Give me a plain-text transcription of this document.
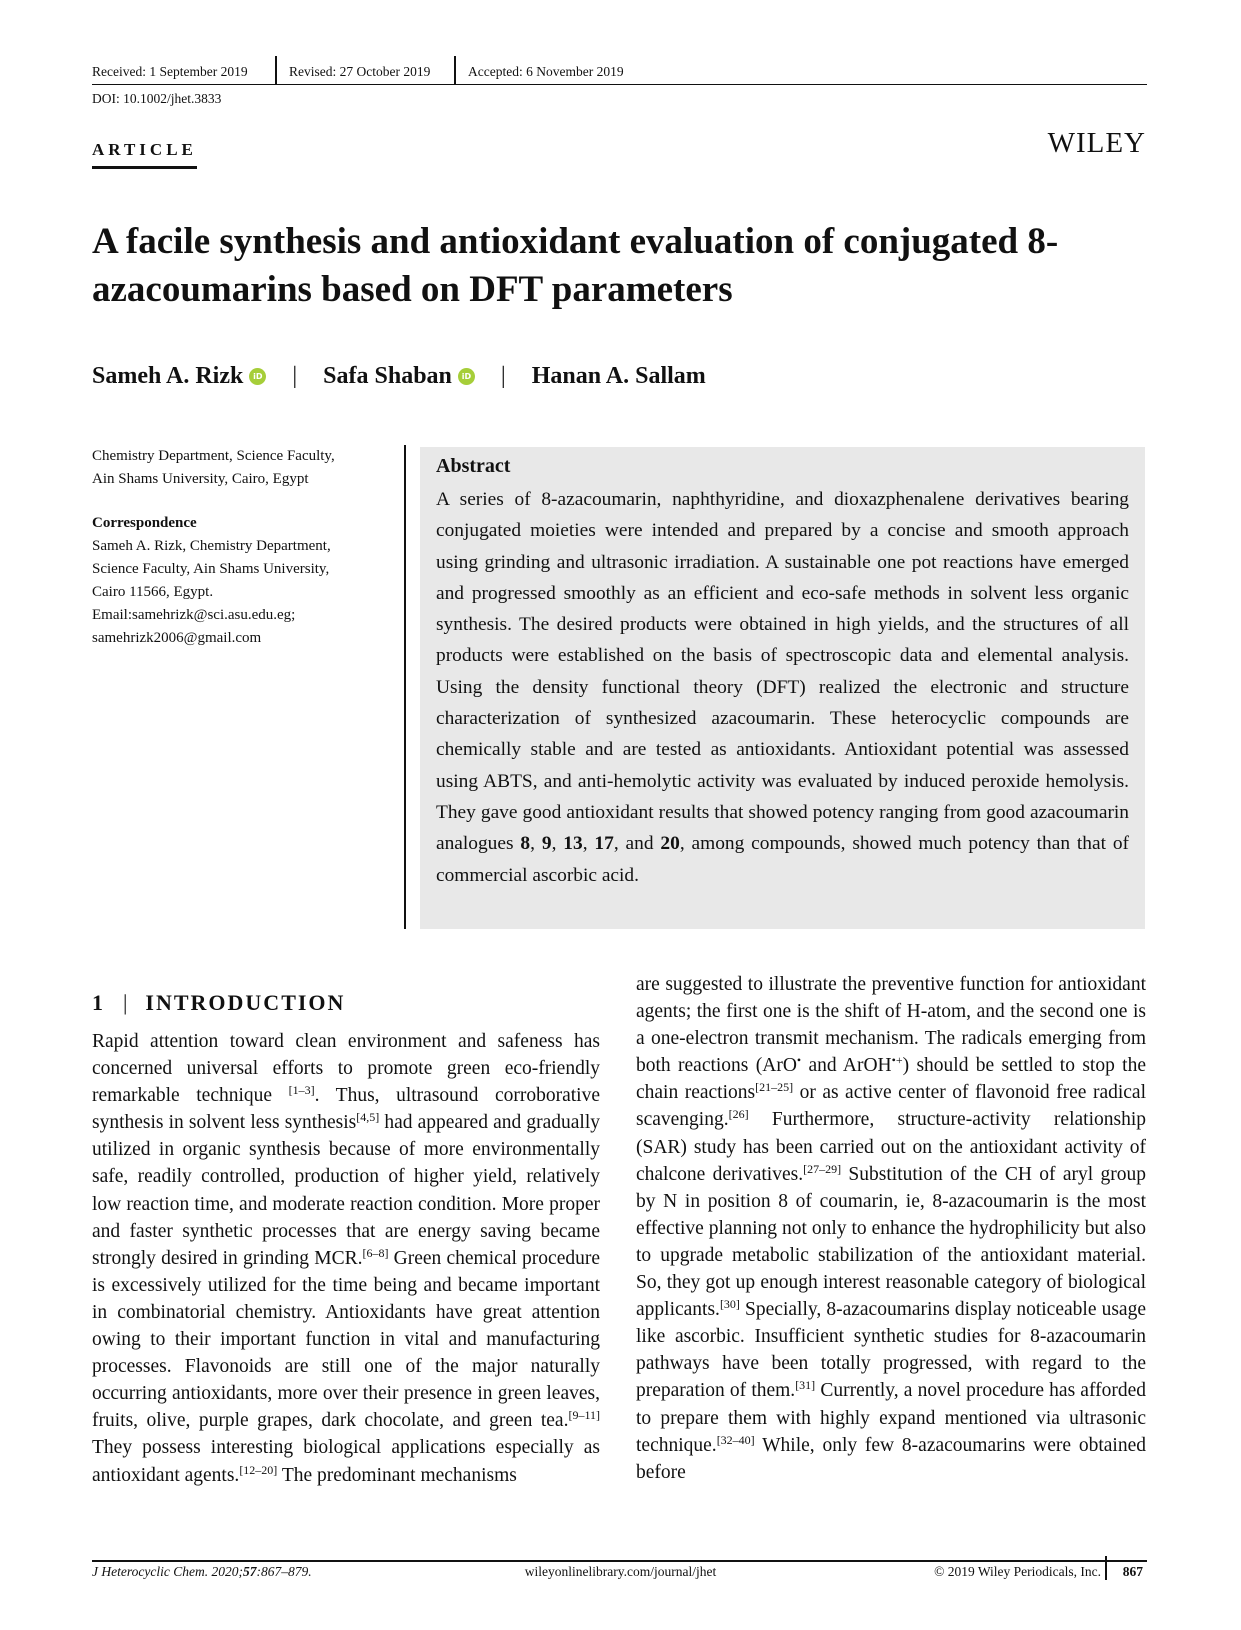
Received: 1 September 2019	Revised: 27 October 2019	Accepted: 6 November 2019
DOI: 10.1002/jhet.3833
ARTICLE	WILEY
A facile synthesis and antioxidant evaluation of conjugated 8-azacoumarins based on DFT parameters
Sameh A. Rizk	iD | Safa Shaban	iD | Hanan A. Sallam
Chemistry Department, Science Faculty,
Ain Shams University, Cairo, Egypt
Correspondence
Sameh A. Rizk, Chemistry Department,
Science Faculty, Ain Shams University,
Cairo 11566, Egypt.
Email:samehrizk@sci.asu.edu.eg;
samehrizk2006@gmail.com
Abstract
A series of 8-azacoumarin, naphthyridine, and dioxazphenalene derivatives bearing conjugated moieties were intended and prepared by a concise and smooth approach using grinding and ultrasonic irradiation. A sustainable one pot reactions have emerged and progressed smoothly as an efficient and eco-safe methods in solvent less organic synthesis. The desired products were obtained in high yields, and the structures of all products were established on the basis of spectroscopic data and elemental analysis. Using the density functional theory (DFT) realized the electronic and structure characterization of synthesized azacoumarin. These heterocyclic compounds are chemically stable and are tested as antioxidants. Antioxidant potential was assessed using ABTS, and anti-hemolytic activity was evaluated by induced peroxide hemolysis. They gave good antioxidant results that showed potency ranging from good azacoumarin analogues 8, 9, 13, 17, and 20, among compounds, showed much potency than that of commercial ascorbic acid.
1 | INTRODUCTION
Rapid attention toward clean environment and safeness has concerned universal efforts to promote green eco-friendly remarkable technique [1–3]. Thus, ultrasound corroborative synthesis in solvent less synthesis[4,5] had appeared and gradually utilized in organic synthesis because of more environmentally safe, readily controlled, production of higher yield, relatively low reaction time, and moderate reaction condition. More proper and faster synthetic processes that are energy saving became strongly desired in grinding MCR.[6–8] Green chemical procedure is excessively utilized for the time being and became important in combinatorial chemistry. Antioxidants have great attention owing to their important function in vital and manufacturing processes. Flavonoids are still one of the major naturally occurring antioxidants, more over their presence in green leaves, fruits, olive, purple grapes, dark chocolate, and green tea.[9–11] They possess interesting biological applications especially as antioxidant agents.[12–20] The predominant mechanisms
are suggested to illustrate the preventive function for antioxidant agents; the first one is the shift of H-atom, and the second one is a one-electron transmit mechanism. The radicals emerging from both reactions (ArO• and ArOH•+) should be settled to stop the chain reactions[21–25] or as active center of flavonoid free radical scavenging.[26] Furthermore, structure-activity relationship (SAR) study has been carried out on the antioxidant activity of chalcone derivatives.[27–29] Substitution of the CH of aryl group by N in position 8 of coumarin, ie, 8-azacoumarin is the most effective planning not only to enhance the hydrophilicity but also to upgrade metabolic stabilization of the antioxidant material. So, they got up enough interest reasonable category of biological applicants.[30] Specially, 8-azacoumarins display noticeable usage like ascorbic. Insufficient synthetic studies for 8-azacoumarin pathways have been totally progressed, with regard to the preparation of them.[31] Currently, a novel procedure has afforded to prepare them with highly expand mentioned via ultrasonic technique.[32–40] While, only few 8-azacoumarins were obtained before
J Heterocyclic Chem. 2020;57:867–879.	wileyonlinelibrary.com/journal/jhet	© 2019 Wiley Periodicals, Inc. 867
